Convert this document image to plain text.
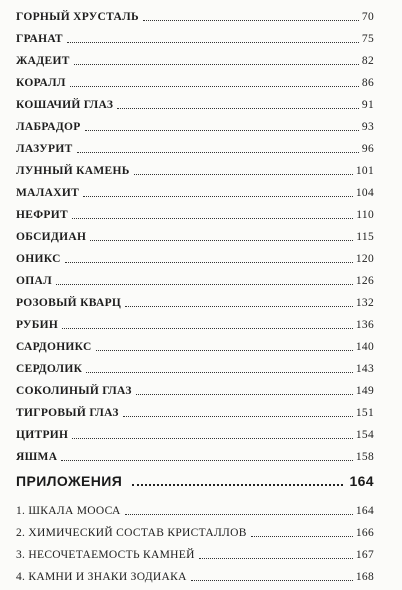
ГОРНЫЙ ХРУСТАЛЬ	70
ГРАНАТ	75
ЖАДЕИТ	82
КОРАЛЛ	86
КОШАЧИЙ ГЛАЗ	91
ЛАБРАДОР	93
ЛАЗУРИТ	96
ЛУННЫЙ КАМЕНЬ	101
МАЛАХИТ	104
НЕФРИТ	110
ОБСИДИАН	115
ОНИКС	120
ОПАЛ	126
РОЗОВЫЙ КВАРЦ	132
РУБИН	136
САРДОНИКС	140
СЕРДОЛИК	143
СОКОЛИНЫЙ ГЛАЗ	149
ТИГРОВЫЙ ГЛАЗ	151
ЦИТРИН	154
ЯШМА	158
ПРИЛОЖЕНИЯ	164
1. ШКАЛА МООСА	164
2. ХИМИЧЕСКИЙ СОСТАВ КРИСТАЛЛОВ	166
3. НЕСОЧЕТАЕМОСТЬ КАМНЕЙ	167
4. КАМНИ И ЗНАКИ ЗОДИАКА	168
